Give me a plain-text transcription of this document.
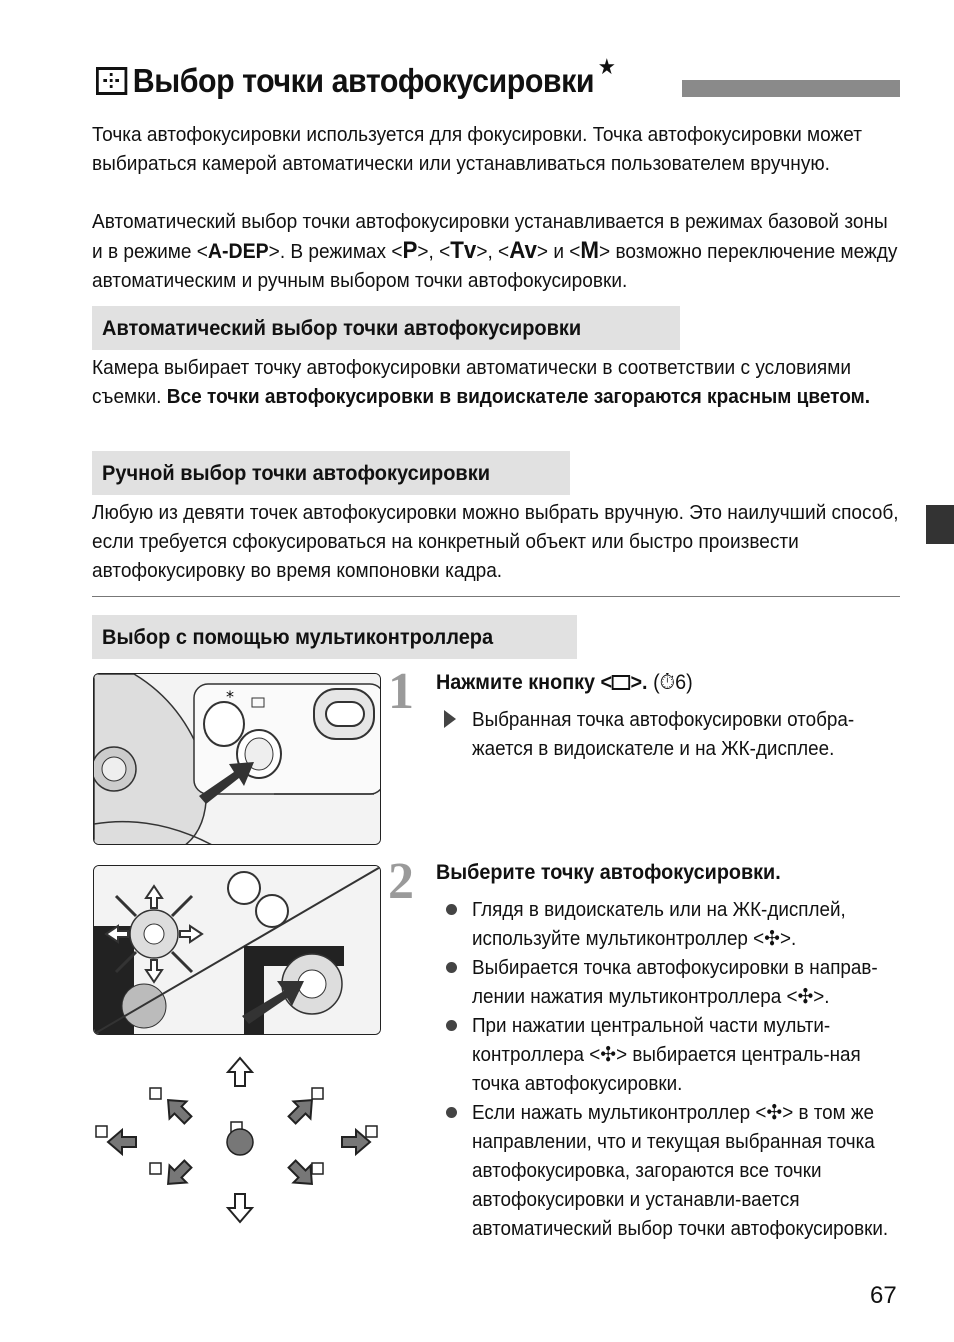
Выбор точки автофокусировки ★
Точка автофокусировки используется для фокусировки. Точка автофокусировки может выбираться камерой автоматически или устанавливаться пользователем вручную.
Автоматический выбор точки автофокусировки устанавливается в режимах базовой зоны и в режиме <A-DEP>. В режимах <P>, <Tv>, <Av> и <M> возможно переключение между автоматическим и ручным выбором точки автофокусировки.
Автоматический выбор точки автофокусировки
Камера выбирает точку автофокусировки автоматически в соответствии с условиями съемки. Все точки автофокусировки в видоискателе загораются красным цветом.
Ручной выбор точки автофокусировки
Любую из девяти точек автофокусировки можно выбрать вручную. Это наилучший способ, если требуется сфокусироваться на конкретный объект или быстро произвести автофокусировку во время компоновки кадра.
Выбор с помощью мультиконтроллера
*	1 Нажмите кнопку < >. (⏱6)
Выбранная точка автофокусировки отобра-жается в видоискателе и на ЖК-дисплее.
2 Выберите точку автофокусировки.
Глядя в видоискатель или на ЖК-дисплей, используйте мультиконтроллер <✣>.
Выбирается точка автофокусировки в направ-лении нажатия мультиконтроллера <✣>.
При нажатии центральной части мульти-контроллера <✣> выбирается централь-ная точка автофокусировки.
Если нажать мультиконтроллер <✣> в том же направлении, что и текущая выбранная точка автофокусировка, загораются все точки автофокусировки и устанавли-вается автоматический выбор точки автофокусировки.
67
